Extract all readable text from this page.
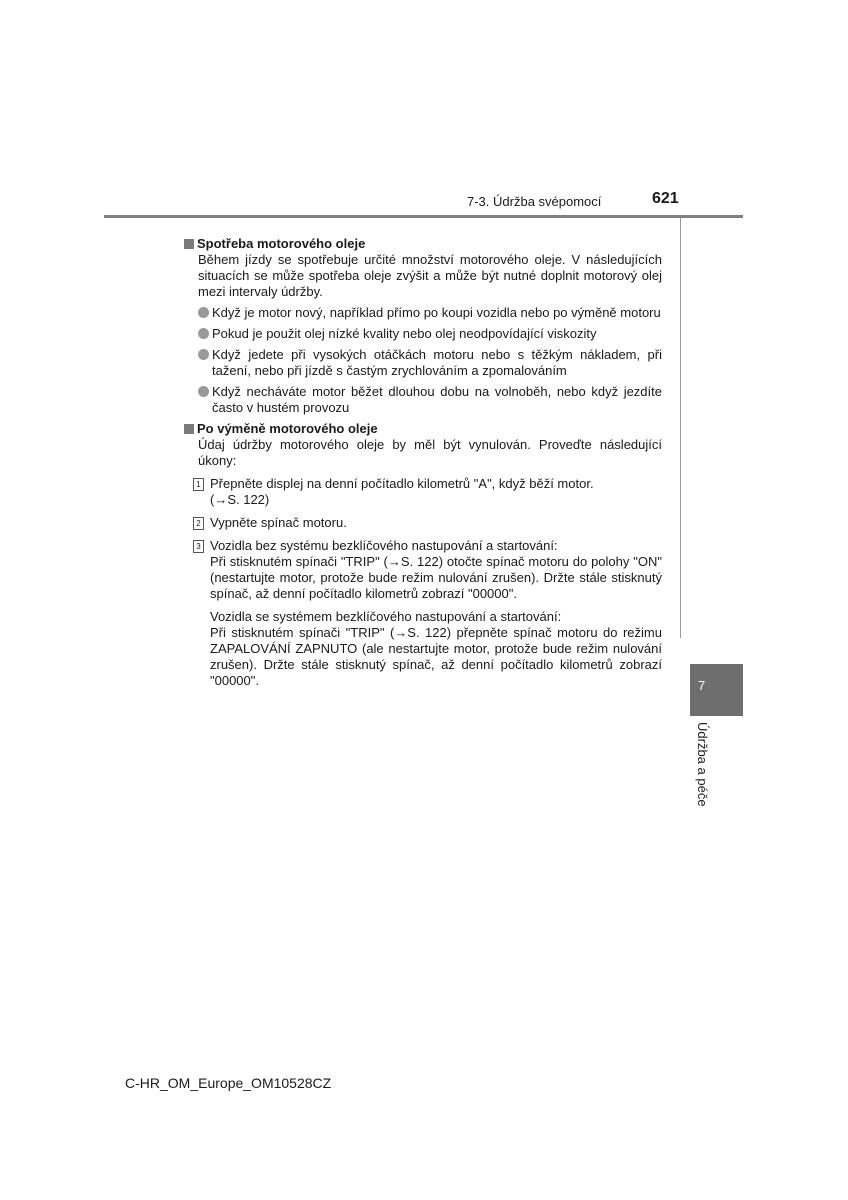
7-3. Údržba svépomocí	621
Spotřeba motorového oleje
Během jízdy se spotřebuje určité množství motorového oleje. V následujících situacích se může spotřeba oleje zvýšit a může být nutné doplnit motorový olej mezi intervaly údržby.
Když je motor nový, například přímo po koupi vozidla nebo po výměně motoru
Pokud je použit olej nízké kvality nebo olej neodpovídající viskozity
Když jedete při vysokých otáčkách motoru nebo s těžkým nákladem, při tažení, nebo při jízdě s častým zrychlováním a zpomalováním
Když necháváte motor běžet dlouhou dobu na volnoběh, nebo když jezdíte často v hustém provozu
Po výměně motorového oleje
Údaj údržby motorového oleje by měl být vynulován. Proveďte následující úkony:
1 Přepněte displej na denní počítadlo kilometrů "A", když běží motor.
(→S. 122)
2 Vypněte spínač motoru.
3 Vozidla bez systému bezklíčového nastupování a startování:
Při stisknutém spínači "TRIP" (→S. 122) otočte spínač motoru do polohy "ON" (nestartujte motor, protože bude režim nulování zrušen). Držte stále stisknutý spínač, až denní počítadlo kilometrů zobrazí "00000".
Vozidla se systémem bezklíčového nastupování a startování:
Při stisknutém spínači "TRIP" (→S. 122) přepněte spínač motoru do režimu ZAPALOVÁNÍ ZAPNUTO (ale nestartujte motor, protože bude režim nulování zrušen). Držte stále stisknutý spínač, až denní počítadlo kilometrů zobrazí "00000".	7
Údržba a péče
C-HR_OM_Europe_OM10528CZ
